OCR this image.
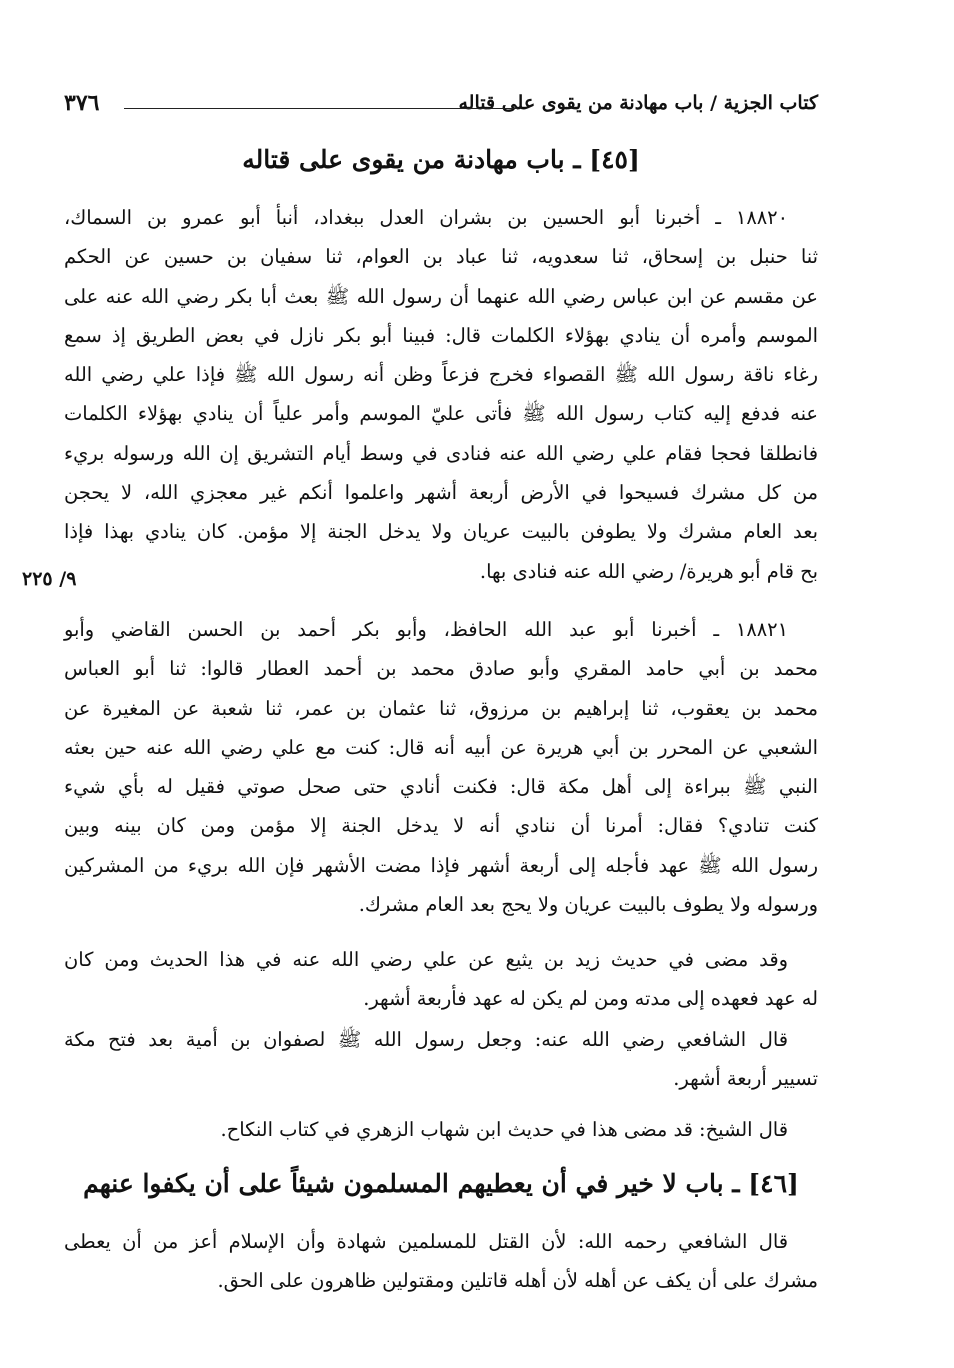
كتاب الجزية / باب مهادنة من يقوى على قتاله
٣٧٦
[٤٥] ـ باب مهادنة من يقوى على قتاله
١٨٨٢٠ ـ أخبرنا أبو الحسين بن بشران العدل ببغداد، أنبأ أبو عمرو بن السماك،
ثنا حنبل بن إسحاق، ثنا سعدويه، ثنا عباد بن العوام، ثنا سفيان بن حسين عن الحكم
عن مقسم عن ابن عباس رضي الله عنهما أن رسول الله ﷺ بعث أبا بكر رضي الله عنه على
الموسم وأمره أن ينادي بهؤلاء الكلمات قال: فبينا أبو بكر نازل في بعض الطريق إذ سمع
رغاء ناقة رسول الله ﷺ القصواء فخرج فزعاً وظن أنه رسول الله ﷺ فإذا علي رضي الله
عنه فدفع إليه كتاب رسول الله ﷺ فأتى عليّ الموسم وأمر علياً أن ينادي بهؤلاء الكلمات
فانطلقا فحجا فقام علي رضي الله عنه فنادى في وسط أيام التشريق إن الله ورسوله بريء
من كل مشرك فسيحوا في الأرض أربعة أشهر واعلموا أنكم غير معجزي الله، لا يحجن
بعد العام مشرك ولا يطوفن بالبيت عريان ولا يدخل الجنة إلا مؤمن. كان ينادي بهذا فإذا
بح قام أبو هريرة/ رضي الله عنه فنادى بها.
٩/ ٢٢٥
١٨٨٢١ ـ أخبرنا أبو عبد الله الحافظ، وأبو بكر أحمد بن الحسن القاضي وأبو
محمد بن أبي حامد المقري وأبو صادق محمد بن أحمد العطار قالوا: ثنا أبو العباس
محمد بن يعقوب، ثنا إبراهيم بن مرزوق، ثنا عثمان بن عمر، ثنا شعبة عن المغيرة عن
الشعبي عن المحرر بن أبي هريرة عن أبيه أنه قال: كنت مع علي رضي الله عنه حين بعثه
النبي ﷺ ببراءة إلى أهل مكة قال: فكنت أنادي حتى صحل صوتي فقيل له بأي شيء
كنت تنادي؟ فقال: أمرنا أن ننادي أنه لا يدخل الجنة إلا مؤمن ومن كان بينه وبين
رسول الله ﷺ عهد فأجله إلى أربعة أشهر فإذا مضت الأشهر فإن الله بريء من المشركين
ورسوله ولا يطوف بالبيت عريان ولا يحج بعد العام مشرك.
وقد مضى في حديث زيد بن يثيع عن علي رضي الله عنه في هذا الحديث ومن كان
له عهد فعهده إلى مدته ومن لم يكن له عهد فأربعة أشهر.
قال الشافعي رضي الله عنه: وجعل رسول الله ﷺ لصفوان بن أمية بعد فتح مكة
تسيير أربعة أشهر.
قال الشيخ: قد مضى هذا في حديث ابن شهاب الزهري في كتاب النكاح.
[٤٦] ـ باب لا خير في أن يعطيهم المسلمون شيئاً على أن يكفوا عنهم
قال الشافعي رحمه الله: لأن القتل للمسلمين شهادة وأن الإسلام أعز من أن يعطى
مشرك على أن يكف عن أهله لأن أهله قاتلين ومقتولين ظاهرون على الحق.
